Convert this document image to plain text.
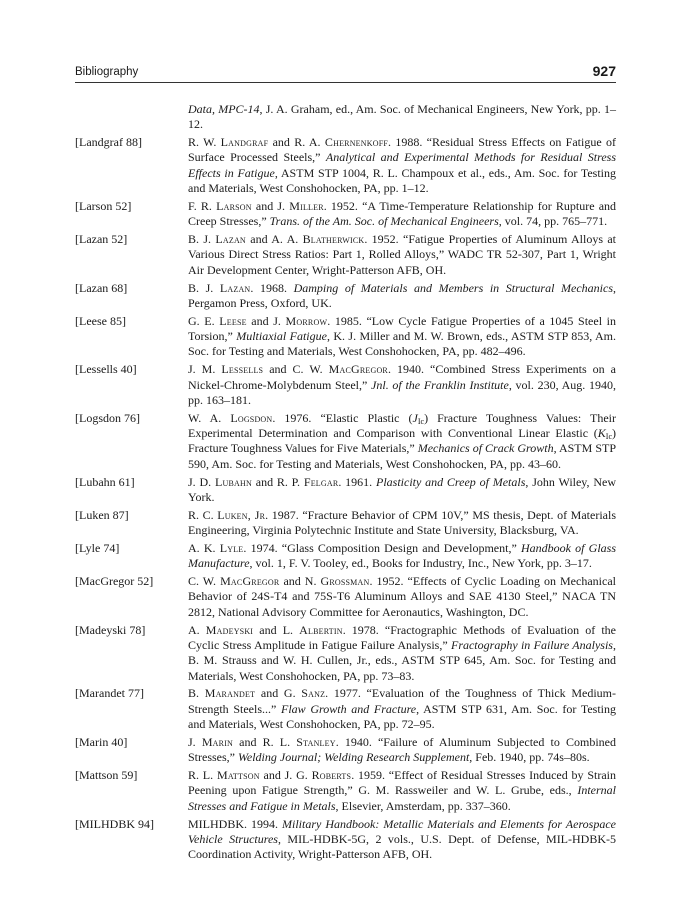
Bibliography	927
Data, MPC-14, J. A. Graham, ed., Am. Soc. of Mechanical Engineers, New York, pp. 1–12.
[Landgraf 88]	R. W. Landgraf and R. A. Chernenkoff. 1988. “Residual Stress Effects on Fatigue of Surface Processed Steels,” Analytical and Experimental Methods for Residual Stress Effects in Fatigue, ASTM STP 1004, R. L. Champoux et al., eds., Am. Soc. for Testing and Materials, West Conshohocken, PA, pp. 1–12.
[Larson 52]	F. R. Larson and J. Miller. 1952. “A Time-Temperature Relationship for Rupture and Creep Stresses,” Trans. of the Am. Soc. of Mechanical Engineers, vol. 74, pp. 765–771.
[Lazan 52]	B. J. Lazan and A. A. Blatherwick. 1952. “Fatigue Properties of Aluminum Alloys at Various Direct Stress Ratios: Part 1, Rolled Alloys,” WADC TR 52-307, Part 1, Wright Air Development Center, Wright-Patterson AFB, OH.
[Lazan 68]	B. J. Lazan. 1968. Damping of Materials and Members in Structural Mechanics, Pergamon Press, Oxford, UK.
[Leese 85]	G. E. Leese and J. Morrow. 1985. “Low Cycle Fatigue Properties of a 1045 Steel in Torsion,” Multiaxial Fatigue, K. J. Miller and M. W. Brown, eds., ASTM STP 853, Am. Soc. for Testing and Materials, West Conshohocken, PA, pp. 482–496.
[Lessells 40]	J. M. Lessells and C. W. MacGregor. 1940. “Combined Stress Experiments on a Nickel-Chrome-Molybdenum Steel,” Jnl. of the Franklin Institute, vol. 230, Aug. 1940, pp. 163–181.
[Logsdon 76]	W. A. Logsdon. 1976. “Elastic Plastic $(J_{Ic})$ Fracture Toughness Values: Their Experimental Determination and Comparison with Conventional Linear Elastic $(K_{Ic})$ Fracture Toughness Values for Five Materials,” Mechanics of Crack Growth, ASTM STP 590, Am. Soc. for Testing and Materials, West Conshohocken, PA, pp. 43–60.
[Lubahn 61]	J. D. Lubahn and R. P. Felgar. 1961. Plasticity and Creep of Metals, John Wiley, New York.
[Luken 87]	R. C. Luken, Jr. 1987. “Fracture Behavior of CPM 10V,” MS thesis, Dept. of Materials Engineering, Virginia Polytechnic Institute and State University, Blacksburg, VA.
[Lyle 74]	A. K. Lyle. 1974. “Glass Composition Design and Development,” Handbook of Glass Manufacture, vol. 1, F. V. Tooley, ed., Books for Industry, Inc., New York, pp. 3–17.
[MacGregor 52]	C. W. MacGregor and N. Grossman. 1952. “Effects of Cyclic Loading on Mechanical Behavior of 24S-T4 and 75S-T6 Aluminum Alloys and SAE 4130 Steel,” NACA TN 2812, National Advisory Committee for Aeronautics, Washington, DC.
[Madeyski 78]	A. Madeyski and L. Albertin. 1978. “Fractographic Methods of Evaluation of the Cyclic Stress Amplitude in Fatigue Failure Analysis,” Fractography in Failure Analysis, B. M. Strauss and W. H. Cullen, Jr., eds., ASTM STP 645, Am. Soc. for Testing and Materials, West Conshohocken, PA, pp. 73–83.
[Marandet 77]	B. Marandet and G. Sanz. 1977. “Evaluation of the Toughness of Thick Medium-Strength Steels...” Flaw Growth and Fracture, ASTM STP 631, Am. Soc. for Testing and Materials, West Conshohocken, PA, pp. 72–95.
[Marin 40]	J. Marin and R. L. Stanley. 1940. “Failure of Aluminum Subjected to Combined Stresses,” Welding Journal; Welding Research Supplement, Feb. 1940, pp. 74s–80s.
[Mattson 59]	R. L. Mattson and J. G. Roberts. 1959. “Effect of Residual Stresses Induced by Strain Peening upon Fatigue Strength,” G. M. Rassweiler and W. L. Grube, eds., Internal Stresses and Fatigue in Metals, Elsevier, Amsterdam, pp. 337–360.
[MILHDBK 94]	MILHDBK. 1994. Military Handbook: Metallic Materials and Elements for Aerospace Vehicle Structures, MIL-HDBK-5G, 2 vols., U.S. Dept. of Defense, MIL-HDBK-5 Coordination Activity, Wright-Patterson AFB, OH.
